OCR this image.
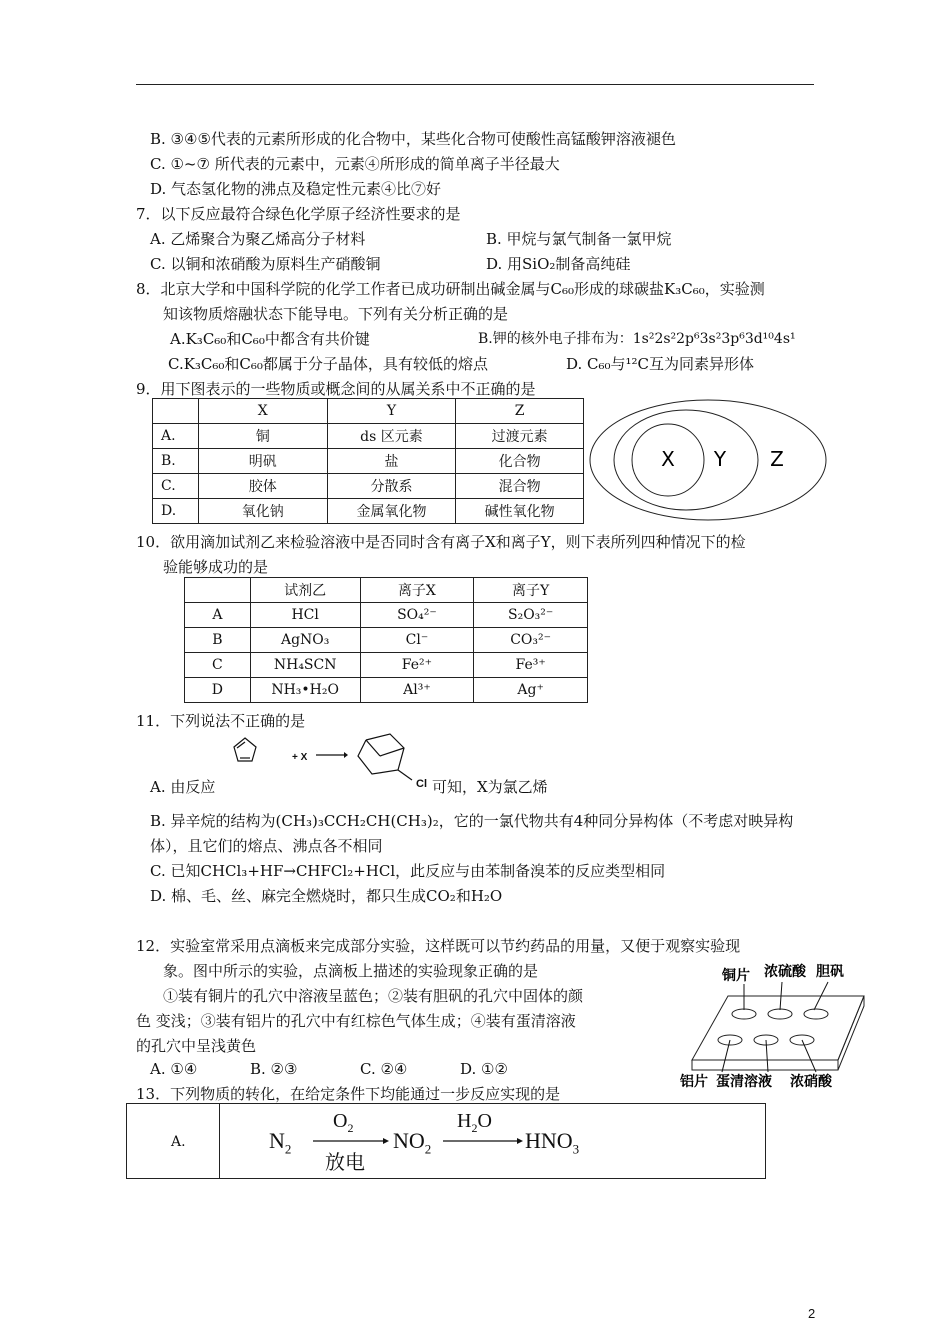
B. ③④⑤代表的元素所形成的化合物中，某些化合物可使酸性高锰酸钾溶液褪色
C. ①~⑦ 所代表的元素中，元素④所形成的简单离子半径最大
D. 气态氢化物的沸点及稳定性元素④比⑦好
7．以下反应最符合绿色化学原子经济性要求的是
A. 乙烯聚合为聚乙烯高分子材料	B. 甲烷与氯气制备一氯甲烷
C. 以铜和浓硝酸为原料生产硝酸铜	D. 用SiO₂制备高纯硅
8．北京大学和中国科学院的化学工作者已成功研制出碱金属与C₆₀形成的球碳盐K₃C₆₀，实验测
知该物质熔融状态下能导电。下列有关分析正确的是
A.K₃C₆₀和C₆₀中都含有共价键	B.钾的核外电子排布为：1s²2s²2p⁶3s²3p⁶3d¹⁰4s¹
C.K₃C₆₀和C₆₀都属于分子晶体，具有较低的熔点	D. C₆₀与¹²C互为同素异形体
9．用下图表示的一些物质或概念间的从属关系中不正确的是
	X	Y	Z
A.	铜	ds 区元素	过渡元素
B.	明矾	盐	化合物
C.	胶体	分散系	混合物
D.	氧化钠	金属氧化物	碱性氧化物
X Y Z
10．欲用滴加试剂乙来检验溶液中是否同时含有离子X和离子Y，则下表所列四种情况下的检
验能够成功的是
	试剂乙	离子X	离子Y
A	HCl	SO₄²⁻	S₂O₃²⁻
B	AgNO₃	Cl⁻	CO₃²⁻
C	NH₄SCN	Fe²⁺	Fe³⁺
D	NH₃•H₂O	Al³⁺	Ag⁺
11．下列说法不正确的是
+ X →
A. 由反应	Cl 可知，X为氯乙烯
B. 异辛烷的结构为(CH₃)₃CCH₂CH(CH₃)₂，它的一氯代物共有4种同分异构体（不考虑对映异构
体），且它们的熔点、沸点各不相同
C. 已知CHCl₃+HF→CHFCl₂+HCl，此反应与由苯制备溴苯的反应类型相同
D. 棉、毛、丝、麻完全燃烧时，都只生成CO₂和H₂O
12．实验室常采用点滴板来完成部分实验，这样既可以节约药品的用量，又便于观察实验现
象。图中所示的实验，点滴板上描述的实验现象正确的是
①装有铜片的孔穴中溶液呈蓝色；②装有胆矾的孔穴中固体的颜
色 变浅；③装有铝片的孔穴中有红棕色气体生成；④装有蛋清溶液
的孔穴中呈浅黄色
A. ①④	B. ②③	C. ②④	D. ①②
铜片 浓硫酸 胆矾
铝片 蛋清溶液 浓硝酸
13．下列物质的转化，在给定条件下均能通过一步反应实现的是
A.	$N_2$
$O_2$
放电
$NO_2$
$H_2O$
$HNO_3$
2
